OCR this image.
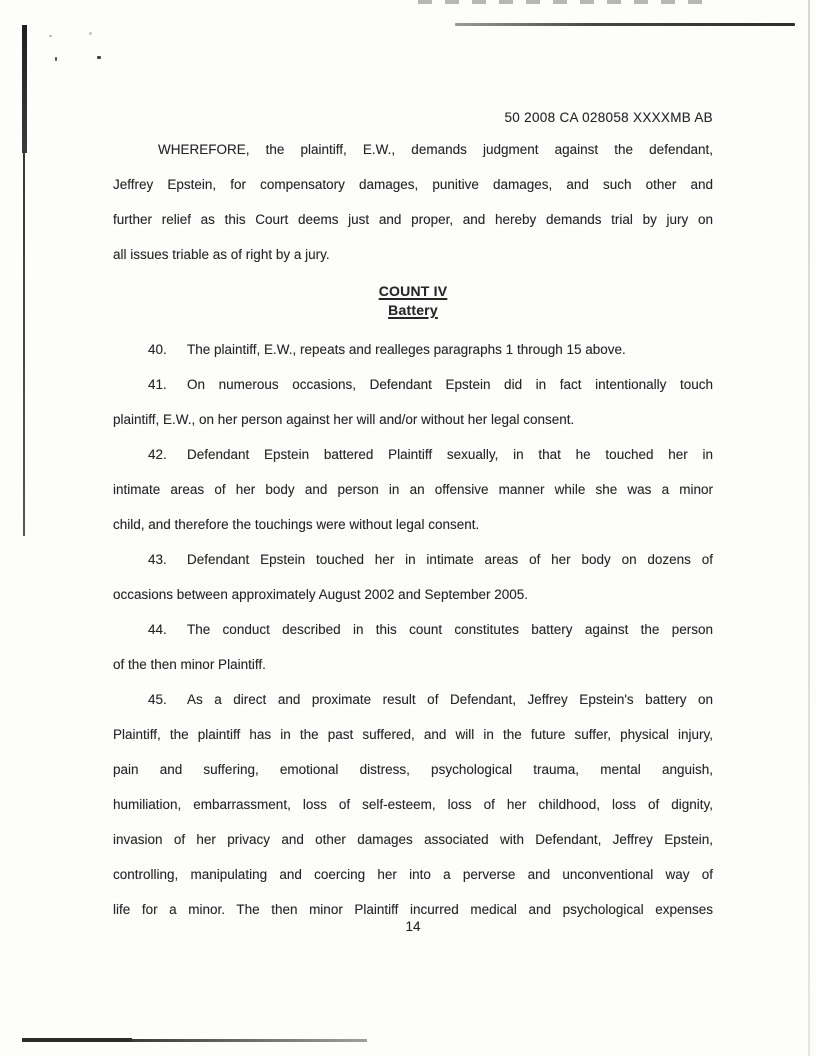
50 2008 CA 028058 XXXXMB AB
WHEREFORE, the plaintiff, E.W., demands judgment against the defendant,
Jeffrey Epstein, for compensatory damages, punitive damages, and such other and
further relief as this Court deems just and proper, and hereby demands trial by jury on
all issues triable as of right by a jury.
COUNT IV
Battery
40. The plaintiff, E.W., repeats and realleges paragraphs 1 through 15 above.
41. On numerous occasions, Defendant Epstein did in fact intentionally touch
plaintiff, E.W., on her person against her will and/or without her legal consent.
42. Defendant Epstein battered Plaintiff sexually, in that he touched her in
intimate areas of her body and person in an offensive manner while she was a minor
child, and therefore the touchings were without legal consent.
43. Defendant Epstein touched her in intimate areas of her body on dozens of
occasions between approximately August 2002 and September 2005.
44. The conduct described in this count constitutes battery against the person
of the then minor Plaintiff.
45. As a direct and proximate result of Defendant, Jeffrey Epstein's battery on
Plaintiff, the plaintiff has in the past suffered, and will in the future suffer, physical injury,
pain and suffering, emotional distress, psychological trauma, mental anguish,
humiliation, embarrassment, loss of self-esteem, loss of her childhood, loss of dignity,
invasion of her privacy and other damages associated with Defendant, Jeffrey Epstein,
controlling, manipulating and coercing her into a perverse and unconventional way of
life for a minor. The then minor Plaintiff incurred medical and psychological expenses
14
